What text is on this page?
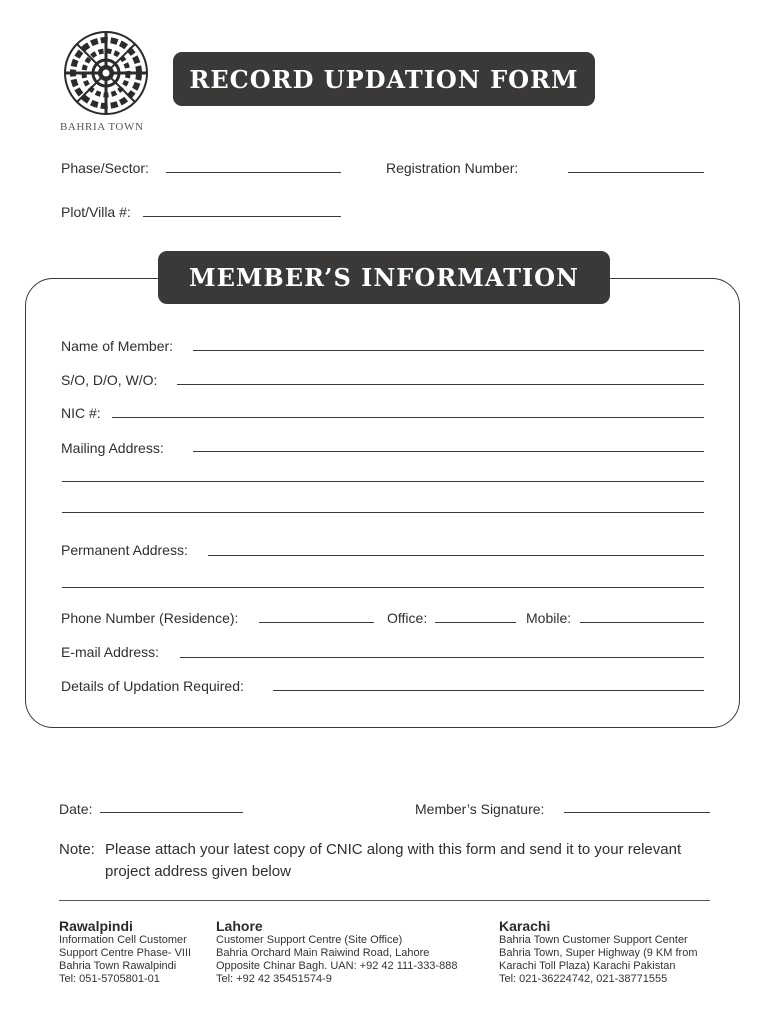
BAHRIA TOWN
RECORD UPDATION FORM
Phase/Sector:	Registration Number:
Plot/Villa #:
MEMBER’S INFORMATION
Name of Member:
S/O, D/O, W/O:
NIC #:
Mailing Address:
Permanent Address:
Phone Number (Residence):	Office:	Mobile:
E-mail Address:
Details of Updation Required:
Date:	Member’s Signature:
Note: Please attach your latest copy of CNIC along with this form and send it to your relevant
project address given below
Rawalpindi
Information Cell Customer
Support Centre Phase- VIII
Bahria Town Rawalpindi
Tel: 051-5705801-01
Lahore
Customer Support Centre (Site Office)
Bahria Orchard Main Raiwind Road, Lahore
Opposite Chinar Bagh. UAN: +92 42 111-333-888
Tel: +92 42 35451574-9
Karachi
Bahria Town Customer Support Center
Bahria Town, Super Highway (9 KM from
Karachi Toll Plaza) Karachi Pakistan
Tel: 021-36224742, 021-38771555
